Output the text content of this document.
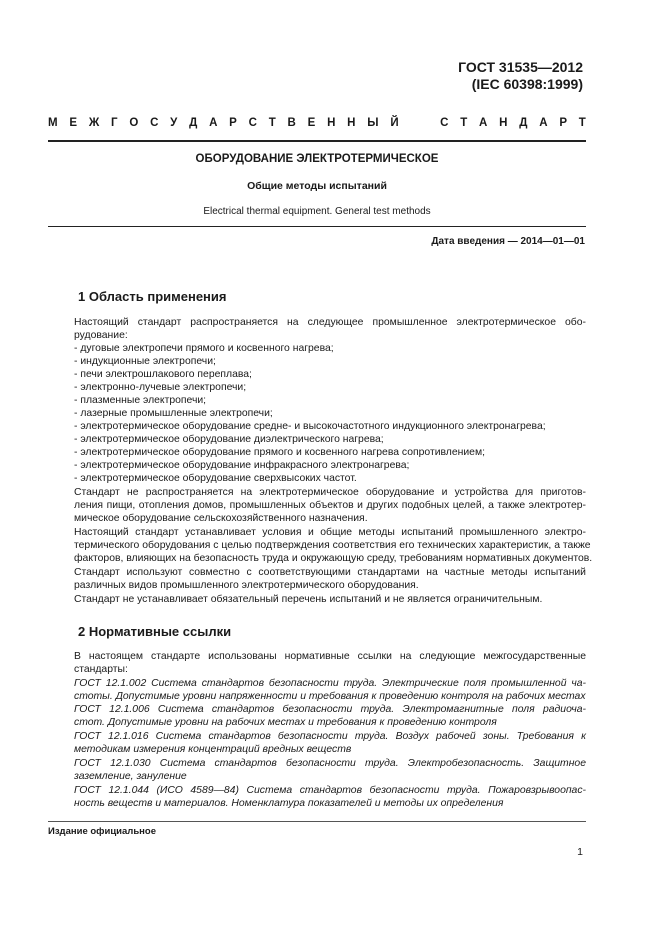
ГОСТ 31535—2012
(IEC 60398:1999)
М Е Ж Г О С У Д А Р С Т В Е Н Н Ы Й	С Т А Н Д А Р Т
ОБОРУДОВАНИЕ ЭЛЕКТРОТЕРМИЧЕСКОЕ
Общие методы испытаний
Electrical thermal equipment. General test methods
Дата введения — 2014—01—01
1 Область применения
Настоящий стандарт распространяется на следующее промышленное электротермическое обо-
рудование:
- дуговые электропечи прямого и косвенного нагрева;
- индукционные электропечи;
- печи электрошлакового переплава;
- электронно-лучевые электропечи;
- плазменные электропечи;
- лазерные промышленные электропечи;
- электротермическое оборудование средне- и высокочастотного индукционного электронагрева;
- электротермическое оборудование диэлектрического нагрева;
- электротермическое оборудование прямого и косвенного нагрева сопротивлением;
- электротермическое оборудование инфракрасного электронагрева;
- электротермическое оборудование сверхвысоких частот.
Стандарт не распространяется на электротермическое оборудование и устройства для приготов-
ления пищи, отопления домов, промышленных объектов и других подобных целей, а также электротер-
мическое оборудование сельскохозяйственного назначения.
Настоящий стандарт устанавливает условия и общие методы испытаний промышленного электро-
термического оборудования с целью подтверждения соответствия его технических характеристик, а также
факторов, влияющих на безопасность труда и окружающую среду, требованиям нормативных документов.
Стандарт используют совместно с соответствующими стандартами на частные методы испытаний
различных видов промышленного электротермического оборудования.
Стандарт не устанавливает обязательный перечень испытаний и не является ограничительным.
2 Нормативные ссылки
В настоящем стандарте использованы нормативные ссылки на следующие межгосударственные
стандарты:
ГОСТ 12.1.002 Система стандартов безопасности труда. Электрические поля промышленной ча-
стоты. Допустимые уровни напряженности и требования к проведению контроля на рабочих местах
ГОСТ 12.1.006 Система стандартов безопасности труда. Электромагнитные поля радиоча-
стот. Допустимые уровни на рабочих местах и требования к проведению контроля
ГОСТ 12.1.016 Система стандартов безопасности труда. Воздух рабочей зоны. Требования к
методикам измерения концентраций вредных веществ
ГОСТ 12.1.030 Система стандартов безопасности труда. Электробезопасность. Защитное
заземление, зануление
ГОСТ 12.1.044 (ИСО 4589—84) Система стандартов безопасности труда. Пожаровзрывоопас-
ность веществ и материалов. Номенклатура показателей и методы их определения
Издание официальное
1
